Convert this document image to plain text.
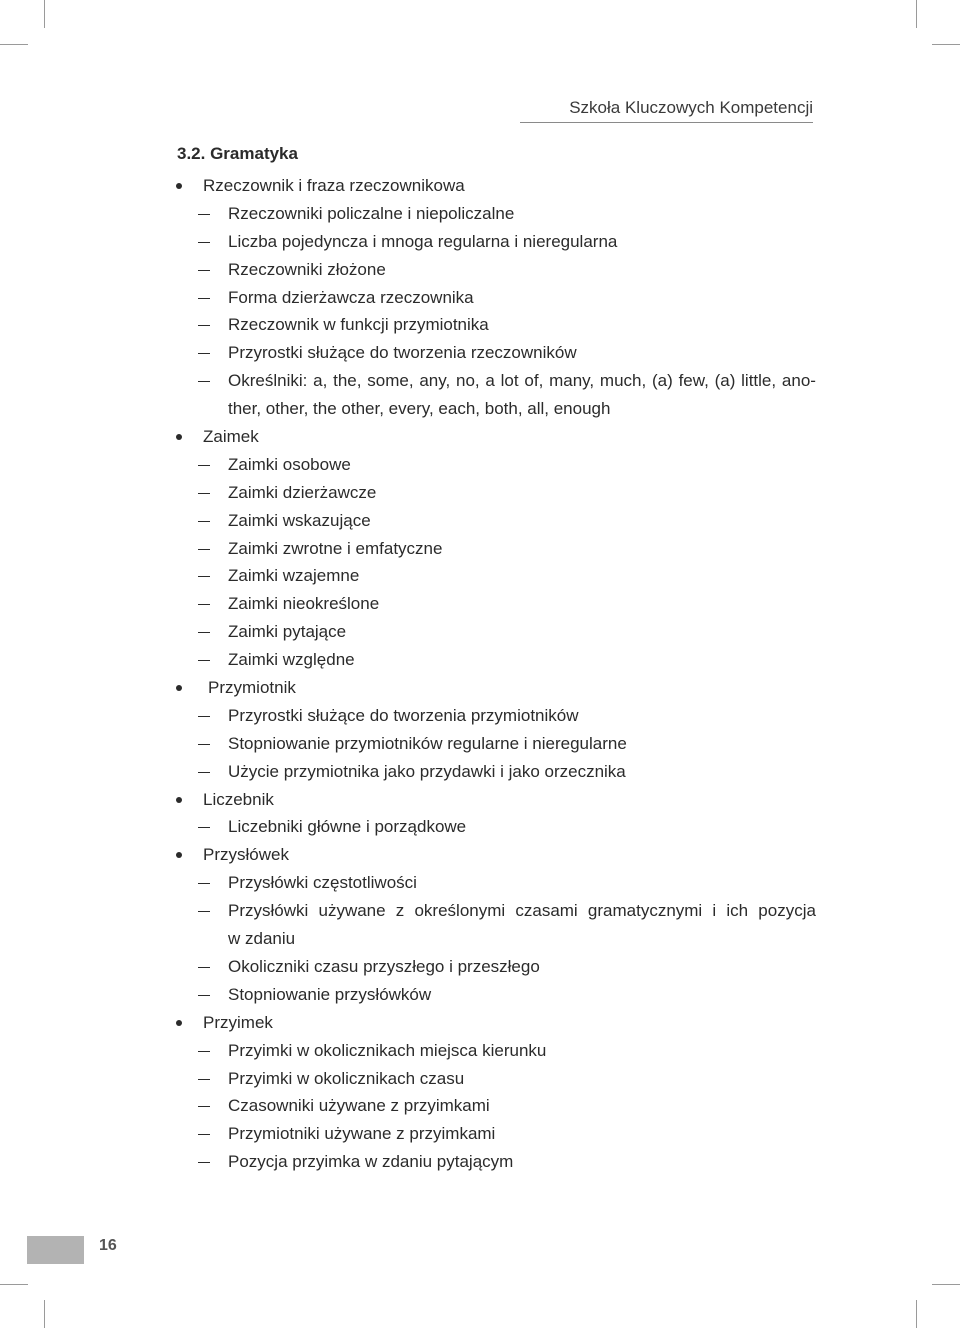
Szkoła Kluczowych Kompetencji
3.2. Gramatyka
Rzeczownik i fraza rzeczownikowa
Rzeczowniki policzalne i niepoliczalne
Liczba pojedyncza i mnoga regularna i nieregularna
Rzeczowniki złożone
Forma dzierżawcza rzeczownika
Rzeczownik w funkcji przymiotnika
Przyrostki służące do tworzenia rzeczowników
Określniki: a, the, some, any, no, a lot of, many, much, (a) few, (a) little, ano-
ther, other, the other, every, each, both, all, enough
Zaimek
Zaimki osobowe
Zaimki dzierżawcze
Zaimki wskazujące
Zaimki zwrotne i emfatyczne
Zaimki wzajemne
Zaimki nieokreślone
Zaimki pytające
Zaimki względne
Przymiotnik
Przyrostki służące do tworzenia przymiotników
Stopniowanie przymiotników regularne i nieregularne
Użycie przymiotnika jako przydawki i jako orzecznika
Liczebnik
Liczebniki główne i porządkowe
Przysłówek
Przysłówki częstotliwości
Przysłówki używane z określonymi czasami gramatycznymi i ich pozycja
w zdaniu
Okoliczniki czasu przyszłego i przeszłego
Stopniowanie przysłówków
Przyimek
Przyimki w okolicznikach miejsca kierunku
Przyimki w okolicznikach czasu
Czasowniki używane z przyimkami
Przymiotniki używane z przyimkami
Pozycja przyimka w zdaniu pytającym
16
